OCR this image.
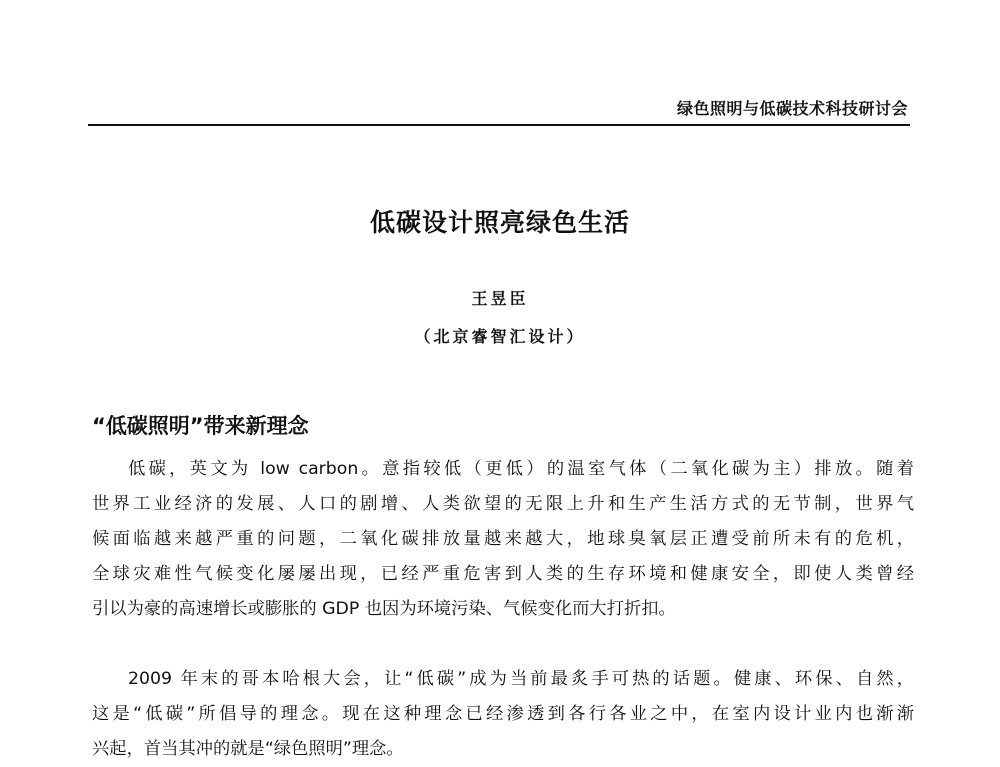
绿色照明与低碳技术科技研讨会
低碳设计照亮绿色生活
王昱臣
（北京睿智汇设计）
“低碳照明”带来新理念
低碳，英文为 low carbon。意指较低（更低）的温室气体（二氧化碳为主）排放。随着
世界工业经济的发展、人口的剧增、人类欲望的无限上升和生产生活方式的无节制，世界气
候面临越来越严重的问题，二氧化碳排放量越来越大，地球臭氧层正遭受前所未有的危机，
全球灾难性气候变化屡屡出现，已经严重危害到人类的生存环境和健康安全，即使人类曾经
引以为豪的高速增长或膨胀的 GDP 也因为环境污染、气候变化而大打折扣。
2009 年末的哥本哈根大会，让“低碳”成为当前最炙手可热的话题。健康、环保、自然，
这是“低碳”所倡导的理念。现在这种理念已经渗透到各行各业之中，在室内设计业内也渐渐
兴起，首当其冲的就是“绿色照明”理念。
